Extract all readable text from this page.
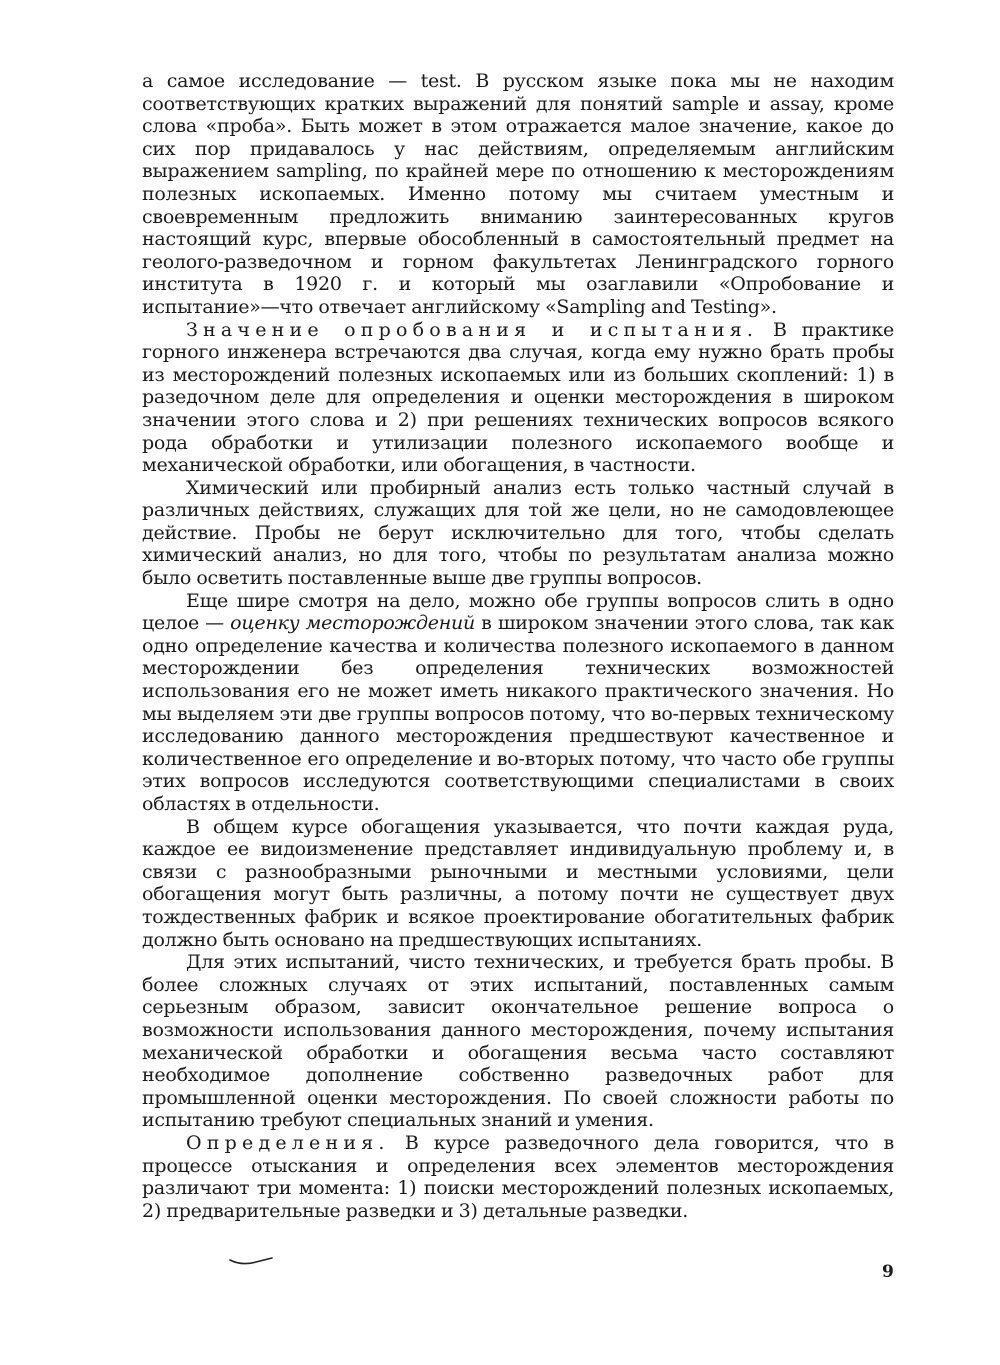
а самое исследование — test. В русском языке пока мы не находим соответствующих кратких выражений для понятий sample и assay, кроме слова «проба». Быть может в этом отражается малое значение, какое до сих пор придавалось у нас действиям, определяемым английским выражением sampling, по крайней мере по отношению к месторождениям полезных ископаемых. Именно потому мы считаем уместным и своевременным предложить вниманию заинтересованных кругов настоящий курс, впервые обособленный в самостоятельный предмет на геолого-разведочном и горном факультетах Ленинградского горного института в 1920 г. и который мы озаглавили «Опробование и испытание»—что отвечает английскому «Sampling and Testing».

Значение опробования и испытания. В практике горного инженера встречаются два случая, когда ему нужно брать пробы из месторождений полезных ископаемых или из больших скоплений: 1) в разедочном деле для определения и оценки месторождения в широком значении этого слова и 2) при решениях технических вопросов всякого рода обработки и утилизации полезного ископаемого вообще и механической обработки, или обогащения, в частности.

Химический или пробирный анализ есть только частный случай в различных действиях, служащих для той же цели, но не самодовлеющее действие. Пробы не берут исключительно для того, чтобы сделать химический анализ, но для того, чтобы по результатам анализа можно было осветить поставленные выше две группы вопросов.

Еще шире смотря на дело, можно обе группы вопросов слить в одно целое — оценку месторождений в широком значении этого слова, так как одно определение качества и количества полезного ископаемого в данном месторождении без определения технических возможностей использования его не может иметь никакого практического значения. Но мы выделяем эти две группы вопросов потому, что во-первых техническому исследованию данного месторождения предшествуют качественное и количественное его определение и во-вторых потому, что часто обе группы этих вопросов исследуются соответствующими специалистами в своих областях в отдельности.

В общем курсе обогащения указывается, что почти каждая руда, каждое ее видоизменение представляет индивидуальную проблему и, в связи с разнообразными рыночными и местными условиями, цели обогащения могут быть различны, а потому почти не существует двух тождественных фабрик и всякое проектирование обогатительных фабрик должно быть основано на предшествующих испытаниях.

Для этих испытаний, чисто технических, и требуется брать пробы. В более сложных случаях от этих испытаний, поставленных самым серьезным образом, зависит окончательное решение вопроса о возможности использования данного месторождения, почему испытания механической обработки и обогащения весьма часто составляют необходимое дополнение собственно разведочных работ для промышленной оценки месторождения. По своей сложности работы по испытанию требуют специальных знаний и умения.

Определения. В курсе разведочного дела говорится, что в процессе отыскания и определения всех элементов месторождения различают три момента: 1) поиски месторождений полезных ископаемых, 2) предварительные разведки и 3) детальные разведки.

9
